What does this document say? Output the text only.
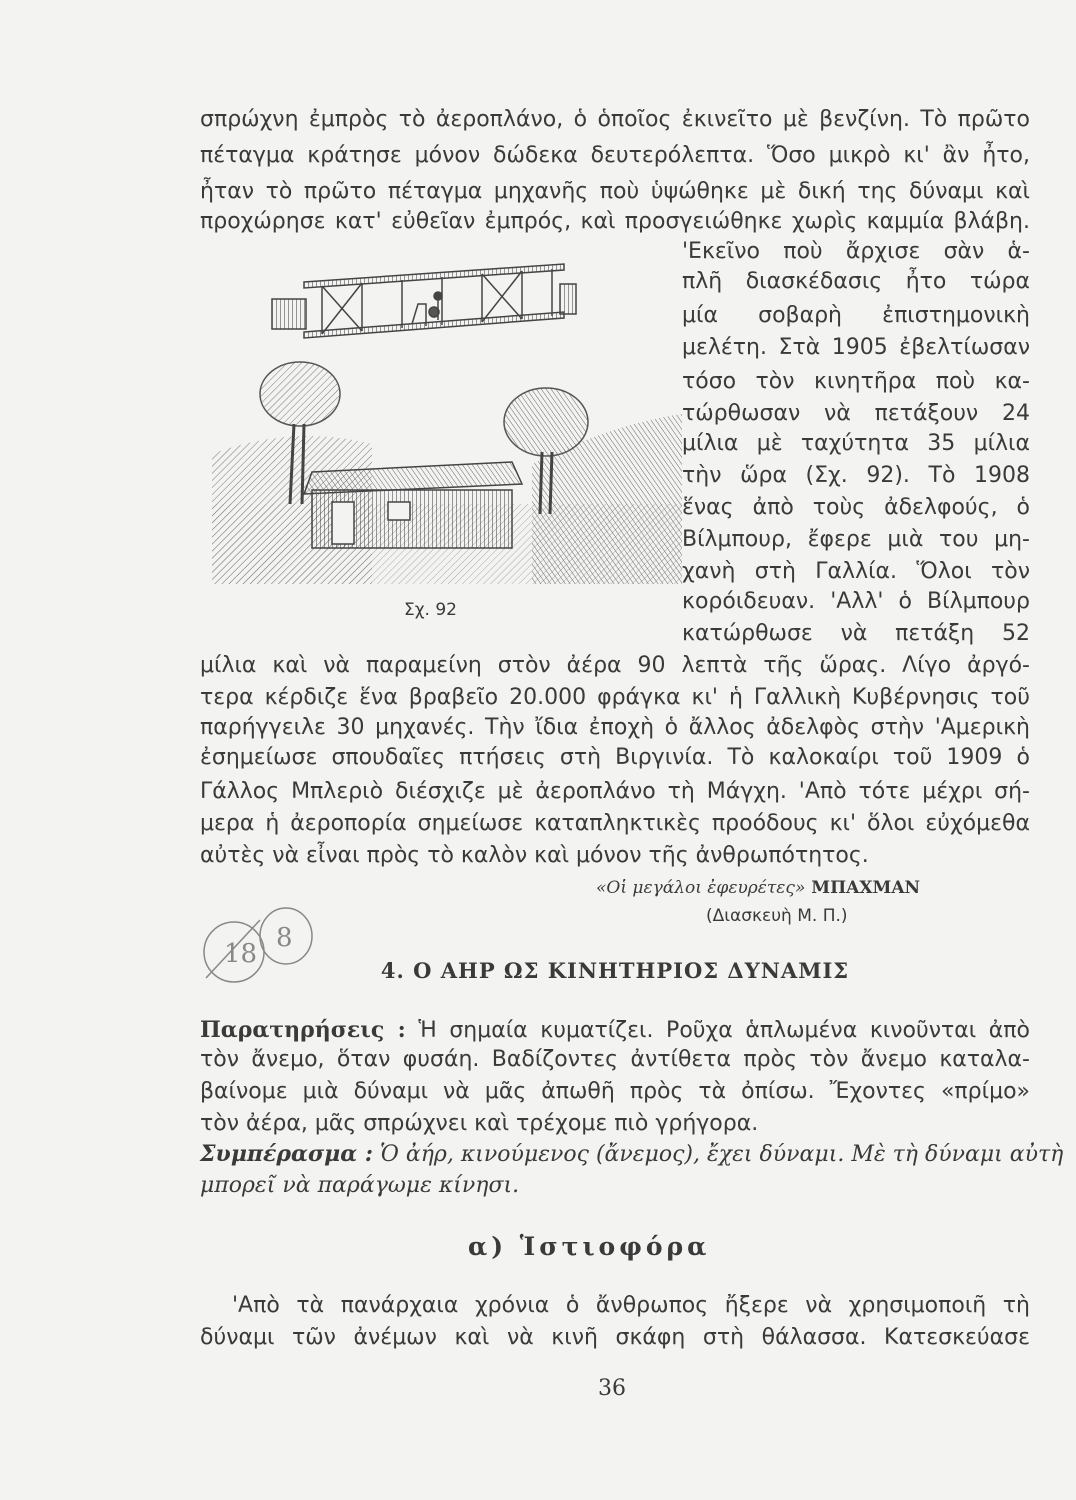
σπρώχνη ἐμπρὸς τὸ ἀεροπλάνο, ὁ ὁποῖος ἐκινεῖτο μὲ βενζίνη. Τὸ πρῶτο
πέταγμα κράτησε μόνον δώδεκα δευτερόλεπτα. Ὅσο μικρὸ κι' ἂν ἦτο,
ἦταν τὸ πρῶτο πέταγμα μηχανῆς ποὺ ὑψώθηκε μὲ δική της δύναμι καὶ
προχώρησε κατ' εὐθεῖαν ἐμπρός, καὶ προσγειώθηκε χωρὶς καμμία βλάβη.
'Εκεῖνο ποὺ ἄρχισε σὰν ἁ-
πλῆ διασκέδασις ἦτο τώρα
μία σοβαρὴ ἐπιστημονικὴ
μελέτη. Στὰ 1905 ἐβελτίωσαν
τόσο τὸν κινητῆρα ποὺ κα-
τώρθωσαν νὰ πετάξουν 24
μίλια μὲ ταχύτητα 35 μίλια
τὴν ὥρα (Σχ. 92). Τὸ 1908
ἕνας ἀπὸ τοὺς ἀδελφούς, ὁ
Βίλμπουρ, ἔφερε μιὰ του μη-
χανὴ στὴ Γαλλία. Ὅλοι τὸν
κορόιδευαν. 'Αλλ' ὁ Βίλμπουρ
κατώρθωσε νὰ πετάξη 52
Σχ. 92
μίλια καὶ νὰ παραμείνη στὸν ἀέρα 90 λεπτὰ τῆς ὥρας. Λίγο ἀργό-
τερα κέρδιζε ἕνα βραβεῖο 20.000 φράγκα κι' ἡ Γαλλικὴ Κυβέρνησις τοῦ
παρήγγειλε 30 μηχανές. Τὴν ἴδια ἐποχὴ ὁ ἄλλος ἀδελφὸς στὴν 'Αμερικὴ
ἐσημείωσε σπουδαῖες πτήσεις στὴ Βιργινία. Τὸ καλοκαίρι τοῦ 1909 ὁ
Γάλλος Μπλεριὸ διέσχιζε μὲ ἀεροπλάνο τὴ Μάγχη. 'Απὸ τότε μέχρι σή-
μερα ἡ ἀεροπορία σημείωσε καταπληκτικὲς προόδους κι' ὅλοι εὐχόμεθα
αὐτὲς νὰ εἶναι πρὸς τὸ καλὸν καὶ μόνον τῆς ἀνθρωπότητος.
«Οἱ μεγάλοι ἐφευρέτες» ΜΠΑΧΜΑΝ
(Διασκευὴ Μ. Π.)
18
8
4. Ο ΑΗΡ ΩΣ ΚΙΝΗΤΗΡΙΟΣ ΔΥΝΑΜΙΣ
Παρατηρήσεις : Ἡ σημαία κυματίζει. Ροῦχα ἁπλωμένα κινοῦνται ἀπὸ
τὸν ἄνεμο, ὅταν φυσάη. Βαδίζοντες ἀντίθετα πρὸς τὸν ἄνεμο καταλα-
βαίνομε μιὰ δύναμι νὰ μᾶς ἀπωθῆ πρὸς τὰ ὀπίσω. Ἔχοντες «πρίμο»
τὸν ἀέρα, μᾶς σπρώχνει καὶ τρέχομε πιὸ γρήγορα.
Συμπέρασμα : Ὁ ἀήρ, κινούμενος (ἄνεμος), ἔχει δύναμι. Μὲ τὴ δύναμι αὐτὴ
μπορεῖ νὰ παράγωμε κίνησι.
α) Ἱστιοφόρα
'Απὸ τὰ πανάρχαια χρόνια ὁ ἄνθρωπος ἤξερε νὰ χρησιμοποιῆ τὴ
δύναμι τῶν ἀνέμων καὶ νὰ κινῆ σκάφη στὴ θάλασσα. Κατεσκεύασε
36
